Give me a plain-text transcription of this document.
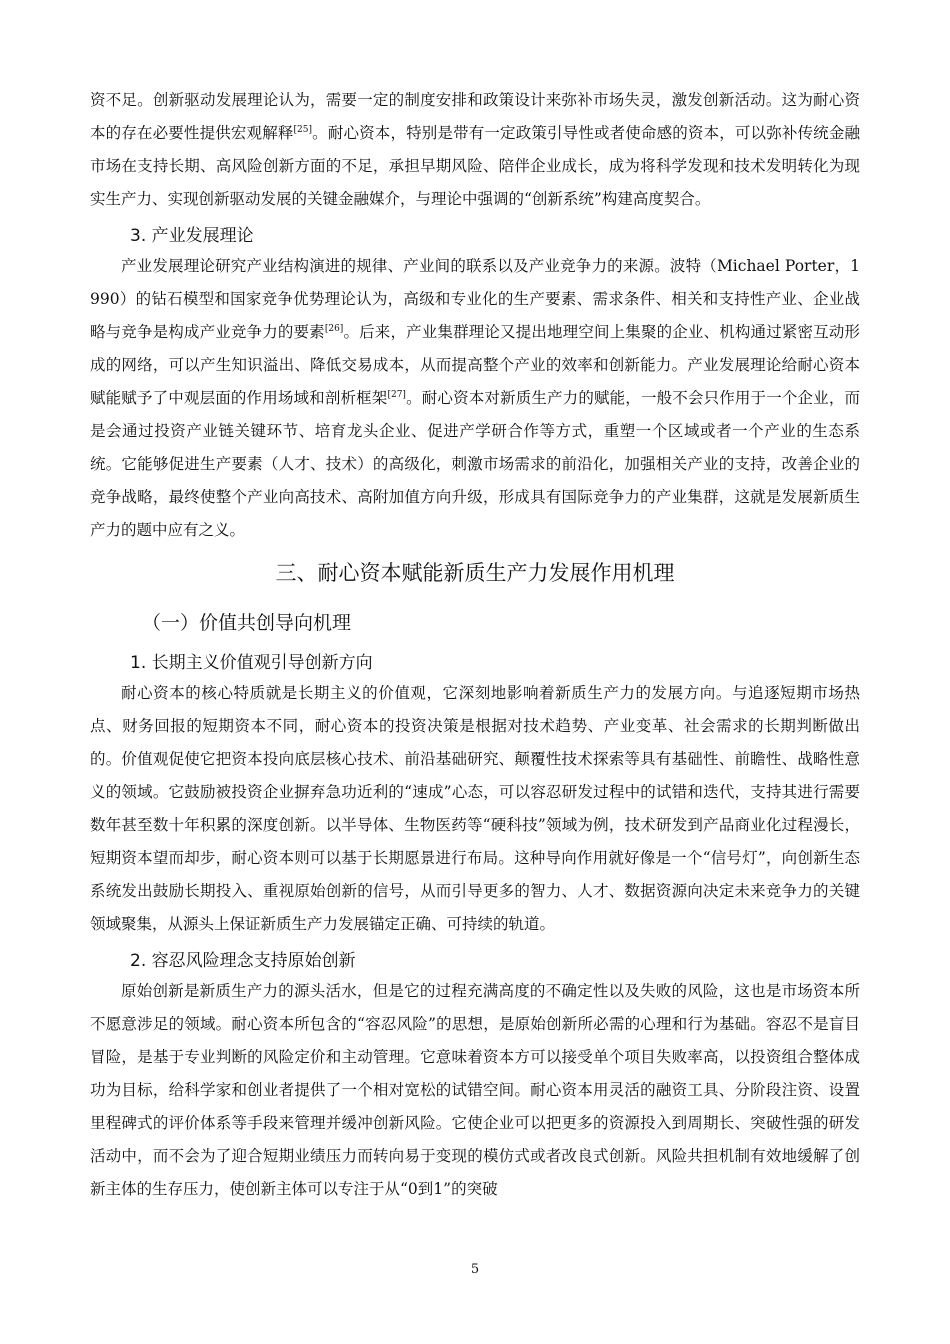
资不足。创新驱动发展理论认为，需要一定的制度安排和政策设计来弥补市场失灵，激发创新活动。这为耐心资本的存在必要性提供宏观解释[25]。耐心资本，特别是带有一定政策引导性或者使命感的资本，可以弥补传统金融市场在支持长期、高风险创新方面的不足，承担早期风险、陪伴企业成长，成为将科学发现和技术发明转化为现实生产力、实现创新驱动发展的关键金融媒介，与理论中强调的“创新系统”构建高度契合。

3. 产业发展理论

产业发展理论研究产业结构演进的规律、产业间的联系以及产业竞争力的来源。波特（Michael Porter，1990）的钻石模型和国家竞争优势理论认为，高级和专业化的生产要素、需求条件、相关和支持性产业、企业战略与竞争是构成产业竞争力的要素[26]。后来，产业集群理论又提出地理空间上集聚的企业、机构通过紧密互动形成的网络，可以产生知识溢出、降低交易成本，从而提高整个产业的效率和创新能力。产业发展理论给耐心资本赋能赋予了中观层面的作用场域和剖析框架[27]。耐心资本对新质生产力的赋能，一般不会只作用于一个企业，而是会通过投资产业链关键环节、培育龙头企业、促进产学研合作等方式，重塑一个区域或者一个产业的生态系统。它能够促进生产要素（人才、技术）的高级化，刺激市场需求的前沿化，加强相关产业的支持，改善企业的竞争战略，最终使整个产业向高技术、高附加值方向升级，形成具有国际竞争力的产业集群，这就是发展新质生产力的题中应有之义。

三、耐心资本赋能新质生产力发展作用机理
（一）价值共创导向机理
1. 长期主义价值观引导创新方向

耐心资本的核心特质就是长期主义的价值观，它深刻地影响着新质生产力的发展方向。与追逐短期市场热点、财务回报的短期资本不同，耐心资本的投资决策是根据对技术趋势、产业变革、社会需求的长期判断做出的。价值观促使它把资本投向底层核心技术、前沿基础研究、颠覆性技术探索等具有基础性、前瞻性、战略性意义的领域。它鼓励被投资企业摒弃急功近利的“速成”心态，可以容忍研发过程中的试错和迭代，支持其进行需要数年甚至数十年积累的深度创新。以半导体、生物医药等“硬科技”领域为例，技术研发到产品商业化过程漫长，短期资本望而却步，耐心资本则可以基于长期愿景进行布局。这种导向作用就好像是一个“信号灯”，向创新生态系统发出鼓励长期投入、重视原始创新的信号，从而引导更多的智力、人才、数据资源向决定未来竞争力的关键领域聚集，从源头上保证新质生产力发展锚定正确、可持续的轨道。

2. 容忍风险理念支持原始创新

原始创新是新质生产力的源头活水，但是它的过程充满高度的不确定性以及失败的风险，这也是市场资本所不愿意涉足的领域。耐心资本所包含的“容忍风险”的思想，是原始创新所必需的心理和行为基础。容忍不是盲目冒险，是基于专业判断的风险定价和主动管理。它意味着资本方可以接受单个项目失败率高，以投资组合整体成功为目标，给科学家和创业者提供了一个相对宽松的试错空间。耐心资本用灵活的融资工具、分阶段注资、设置里程碑式的评价体系等手段来管理并缓冲创新风险。它使企业可以把更多的资源投入到周期长、突破性强的研发活动中，而不会为了迎合短期业绩压力而转向易于变现的模仿式或者改良式创新。风险共担机制有效地缓解了创新主体的生存压力，使创新主体可以专注于从“0到1”的突破

5
